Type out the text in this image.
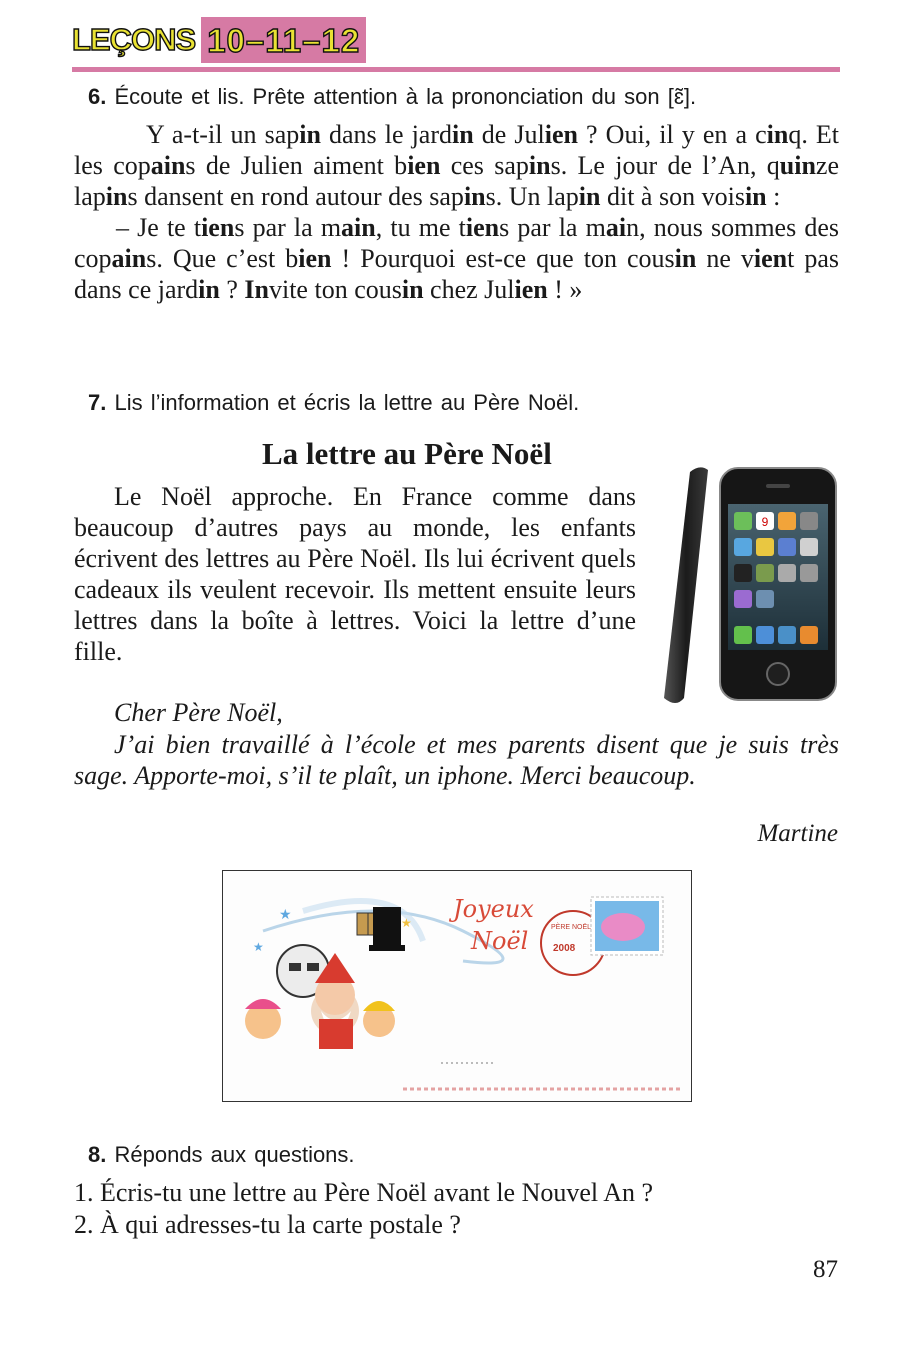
LEÇONS 10–11–12
6. Écoute et lis. Prête attention à la prononciation du son [ɛ̃].

Y a-t-il un sapin dans le jardin de Julien ? Oui, il y en a cinq. Et les copains de Julien aiment bien ces sapins. Le jour de l’An, quinze lapins dansent en rond autour des sapins. Un lapin dit à son voisin :

– Je te tiens par la main, tu me tiens par la main, nous sommes des copains. Que c’est bien ! Pourquoi est-ce que ton cousin ne vient pas dans ce jardin ? Invite ton cousin chez Julien ! »

7. Lis l’information et écris la lettre au Père Noël.
La lettre au Père Noël

Le Noël approche. En France comme dans beaucoup d’autres pays au monde, les enfants écrivent des lettres au Père Noël. Ils lui écrivent quels cadeaux ils veulent recevoir. Ils mettent ensuite leurs lettres dans la boîte à lettres. Voici la lettre d’une fille.

9
Cher Père Noël,

J’ai bien travaillé à l’école et mes parents disent que je suis très sage. Apporte-moi, s’il te plaît, un iphone. Merci beaucoup.

Martine
Joyeux
Noël 2008
PÈRE NOËL
★	★
★
8. Réponds aux questions.
1. Écris-tu une lettre au Père Noël avant le Nouvel An ?
2. À qui adresses-tu la carte postale ?
87
